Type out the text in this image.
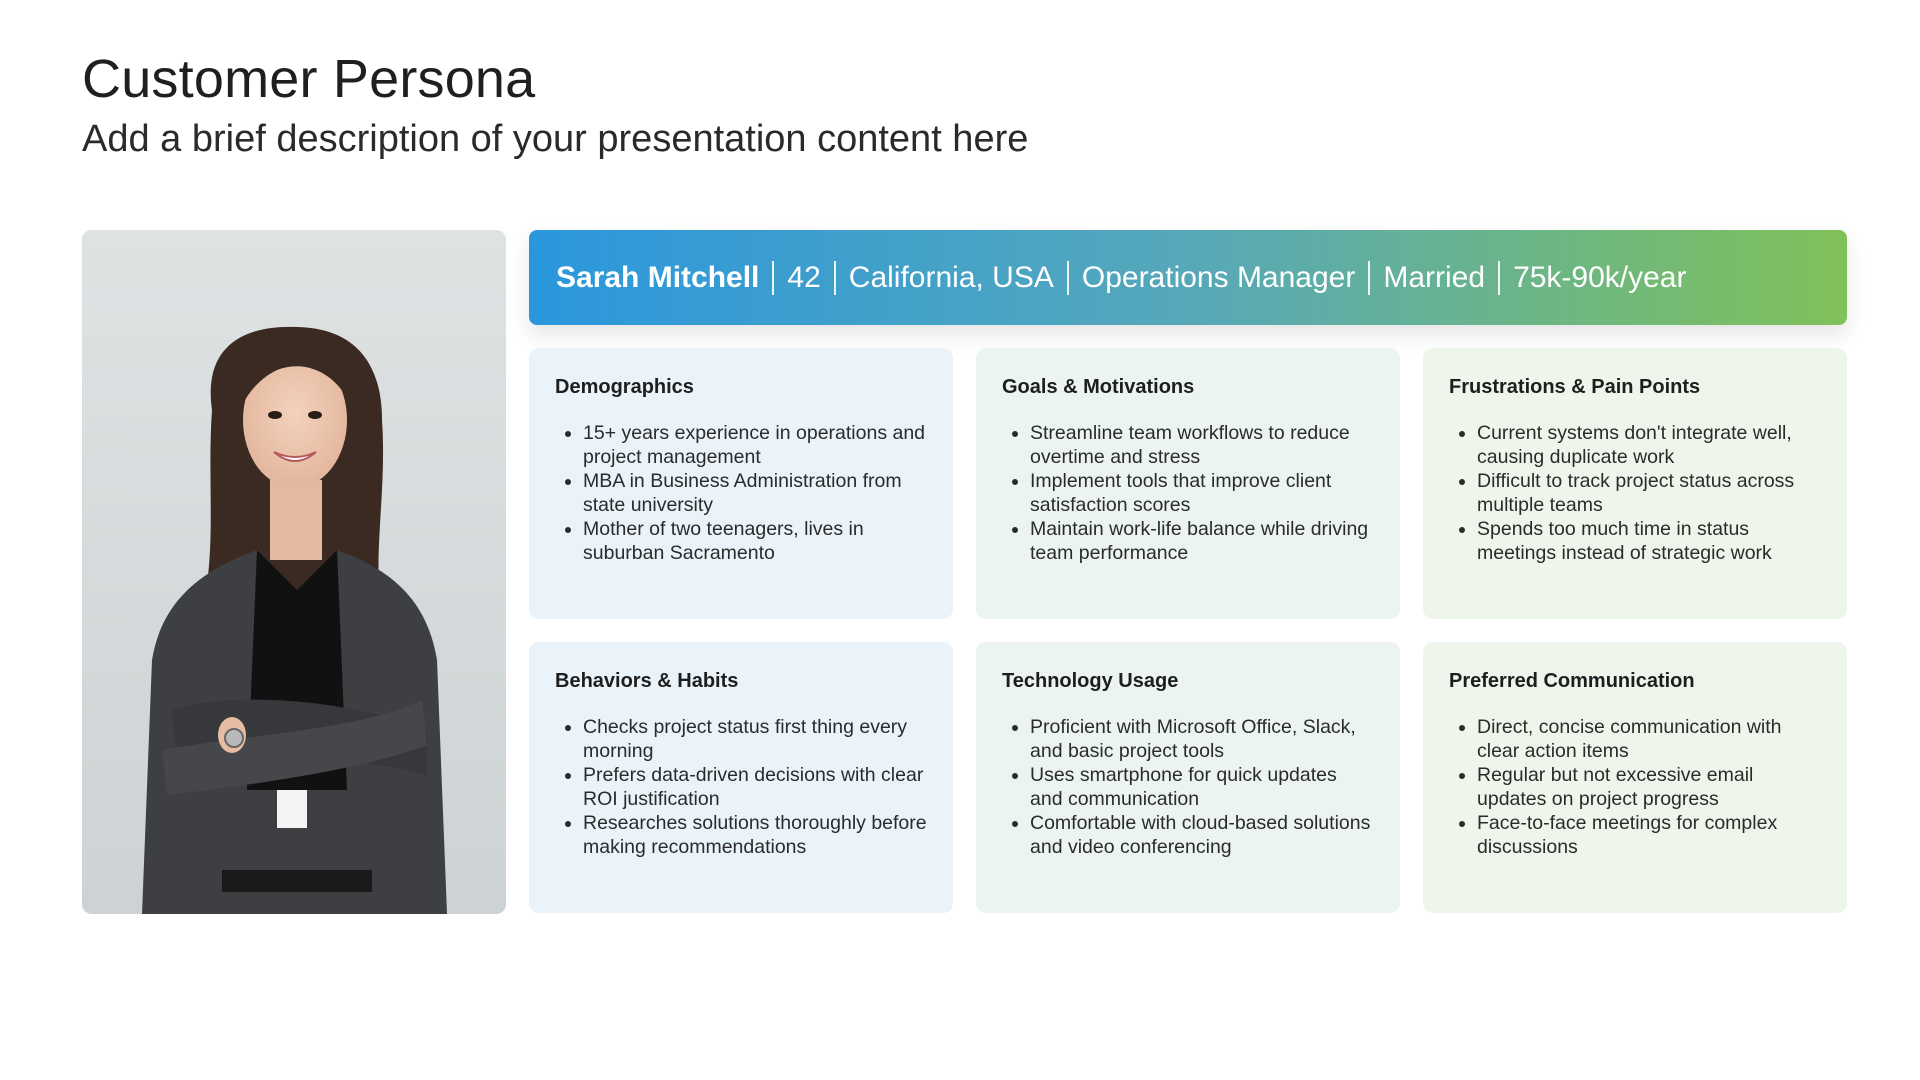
Customer Persona

Add a brief description of your presentation content here

Sarah Mitchell 42 California, USA Operations Manager Married 75k-90k/year
Demographics
• 15+ years experience in operations and project management
• MBA in Business Administration from state university
• Mother of two teenagers, lives in suburban Sacramento
Goals & Motivations
• Streamline team workflows to reduce overtime and stress
• Implement tools that improve client satisfaction scores
• Maintain work-life balance while driving team performance
Frustrations & Pain Points
• Current systems don't integrate well, causing duplicate work
• Difficult to track project status across multiple teams
• Spends too much time in status meetings instead of strategic work
Behaviors & Habits
• Checks project status first thing every morning
• Prefers data-driven decisions with clear ROI justification
• Researches solutions thoroughly before making recommendations
Technology Usage
• Proficient with Microsoft Office, Slack, and basic project tools
• Uses smartphone for quick updates and communication
• Comfortable with cloud-based solutions and video conferencing
Preferred Communication
• Direct, concise communication with clear action items
• Regular but not excessive email updates on project progress
• Face-to-face meetings for complex discussions
